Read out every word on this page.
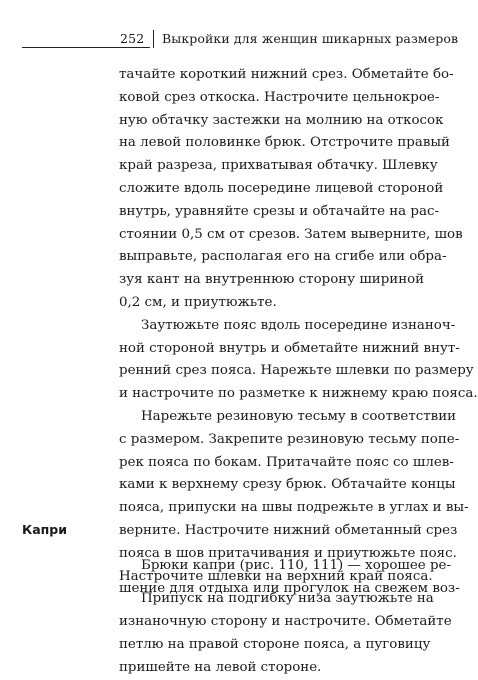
252 Выкройки для женщин шикарных размеров
тачайте короткий нижний срез. Обметайте бо-
ковой срез откоска. Настрочите цельнокрое-
ную обтачку застежки на молнию на откосок
на левой половинке брюк. Отстрочите правый
край разреза, прихватывая обтачку. Шлевку
сложите вдоль посередине лицевой стороной
внутрь, уравняйте срезы и обтачайте на рас-
стоянии 0,5 см от срезов. Затем выверните, шов
выправьте, располагая его на сгибе или обра-
зуя кант на внутреннюю сторону шириной
0,2 см, и приутюжьте.
Заутюжьте пояс вдоль посередине изнаноч-
ной стороной внутрь и обметайте нижний внут-
ренний срез пояса. Нарежьте шлевки по размеру
и настрочите по разметке к нижнему краю пояса.
Нарежьте резиновую тесьму в соответствии
с размером. Закрепите резиновую тесьму попе-
рек пояса по бокам. Притачайте пояс со шлев-
ками к верхнему срезу брюк. Обтачайте концы
пояса, припуски на швы подрежьте в углах и вы-
верните. Настрочите нижний обметанный срез
пояса в шов притачивания и приутюжьте пояс.
Настрочите шлевки на верхний край пояса.
Припуск на подгибку низа заутюжьте на
изнаночную сторону и настрочите. Обметайте
петлю на правой стороне пояса, а пуговицу
пришейте на левой стороне.
Капри
Брюки капри (рис. 110, 111) — хорошее ре-
шение для отдыха или прогулок на свежем воз-
